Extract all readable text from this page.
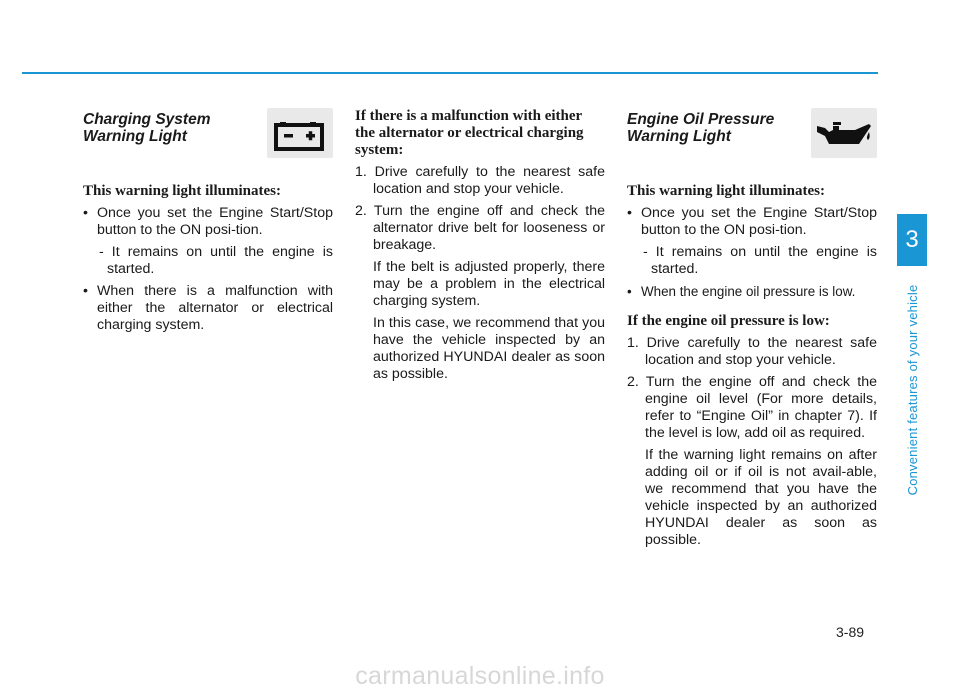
3
Convenient features of your vehicle
Charging System
Warning Light

This warning light illuminates:

• Once you set the Engine Start/Stop button to the ON posi-tion.

- It remains on until the engine is started.

• When there is a malfunction with either the alternator or electrical charging system.

If there is a malfunction with either the alternator or electrical charging system:

1. Drive carefully to the nearest safe location and stop your vehicle.

2. Turn the engine off and check the alternator drive belt for looseness or breakage.

If the belt is adjusted properly, there may be a problem in the electrical charging system.

In this case, we recommend that you have the vehicle inspected by an authorized HYUNDAI dealer as soon as possible.

Engine Oil Pressure
Warning Light

This warning light illuminates:

• Once you set the Engine Start/Stop button to the ON posi-tion.

- It remains on until the engine is started.

• When the engine oil pressure is low.

If the engine oil pressure is low:

1. Drive carefully to the nearest safe location and stop your vehicle.

2. Turn the engine off and check the engine oil level (For more details, refer to “Engine Oil” in chapter 7). If the level is low, add oil as required.

If the warning light remains on after adding oil or if oil is not avail-able, we recommend that you have the vehicle inspected by an authorized HYUNDAI dealer as soon as possible.

3-89
carmanualsonline.info
